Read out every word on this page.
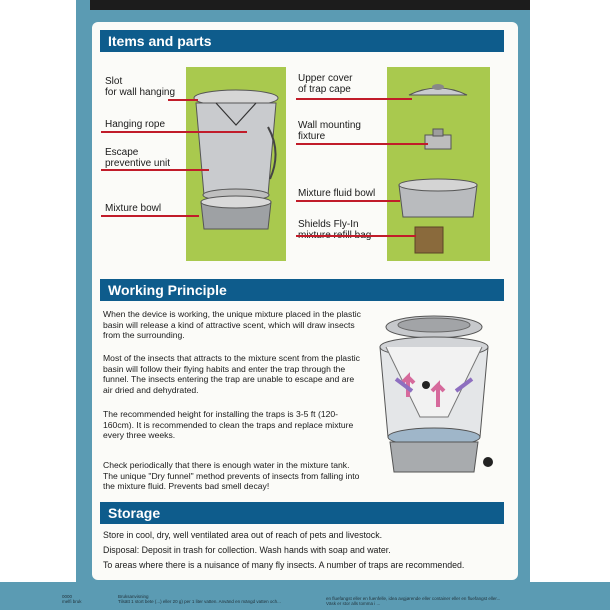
Items and parts
Slot
for wall hanging
Hanging rope
Escape
preventive unit
Mixture bowl
Upper cover
of trap cape
Wall mounting
fixture
Mixture fluid bowl
Shields Fly-In

Working Principle
When the device is working, the unique mixture placed in the plastic basin will release a kind of attractive scent, which will draw insects from the surrounding.
Most of the insects that attracts to the mixture scent from the plastic basin will follow their flying habits and enter the trap through the funnel. The insects entering the trap are unable to escape and are air dried and dehydrated.
The recommended height for installing the traps is 3-5 ft (120-160cm). It is recommended to clean the traps and replace mixture every three weeks.
Check periodically that there is enough water in the mixture tank. The unique "Dry funnel" method prevents of insects from falling into the mixture fluid. Prevents bad smell decay!
Storage
Store in cool, dry, well ventilated area out of reach of pets and livestock.
Disposal: Deposit in trash for collection. Wash hands with soap and water.
To areas where there is a nuisance of many fly insects. A number of traps are recommended.
0000
melfi bruk
Bruksanvisning
Tilsätt 1 stort bete (...) eller 20 g) per 1 liter vatten. Använd en mängd vatten och...
en fluefangst eller en fuenfelle, idea avgjørende eller container eller en fluefangst eller...
Väsk er stor alls tomma i ...
